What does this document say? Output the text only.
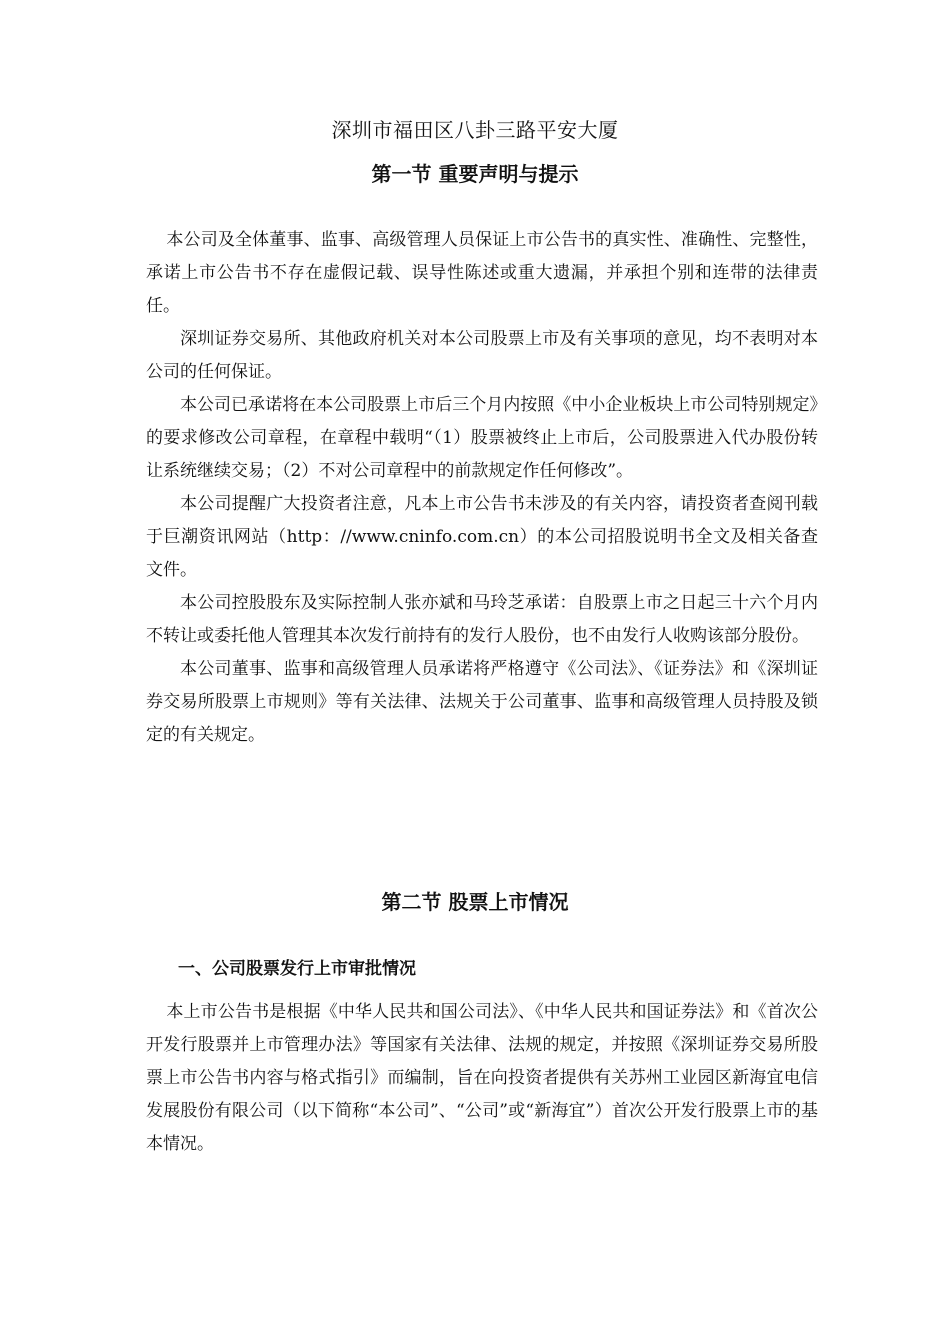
深圳市福田区八卦三路平安大厦
第一节 重要声明与提示

本公司及全体董事、监事、高级管理人员保证上市公告书的真实性、准确性、完整性，承诺上市公告书不存在虚假记载、误导性陈述或重大遗漏，并承担个别和连带的法律责任。

深圳证券交易所、其他政府机关对本公司股票上市及有关事项的意见，均不表明对本公司的任何保证。

本公司已承诺将在本公司股票上市后三个月内按照《中小企业板块上市公司特别规定》的要求修改公司章程，在章程中载明“（1）股票被终止上市后，公司股票进入代办股份转让系统继续交易；（2）不对公司章程中的前款规定作任何修改”。

本公司提醒广大投资者注意，凡本上市公告书未涉及的有关内容，请投资者查阅刊载于巨潮资讯网站（http：//www.cninfo.com.cn）的本公司招股说明书全文及相关备查文件。

本公司控股股东及实际控制人张亦斌和马玲芝承诺：自股票上市之日起三十六个月内不转让或委托他人管理其本次发行前持有的发行人股份，也不由发行人收购该部分股份。

本公司董事、监事和高级管理人员承诺将严格遵守《公司法》、《证券法》和《深圳证券交易所股票上市规则》等有关法律、法规关于公司董事、监事和高级管理人员持股及锁定的有关规定。

第二节 股票上市情况
一、公司股票发行上市审批情况

本上市公告书是根据《中华人民共和国公司法》、《中华人民共和国证券法》和《首次公开发行股票并上市管理办法》等国家有关法律、法规的规定，并按照《深圳证券交易所股票上市公告书内容与格式指引》而编制，旨在向投资者提供有关苏州工业园区新海宜电信发展股份有限公司（以下简称“本公司”、“公司”或“新海宜”）首次公开发行股票上市的基本情况。
